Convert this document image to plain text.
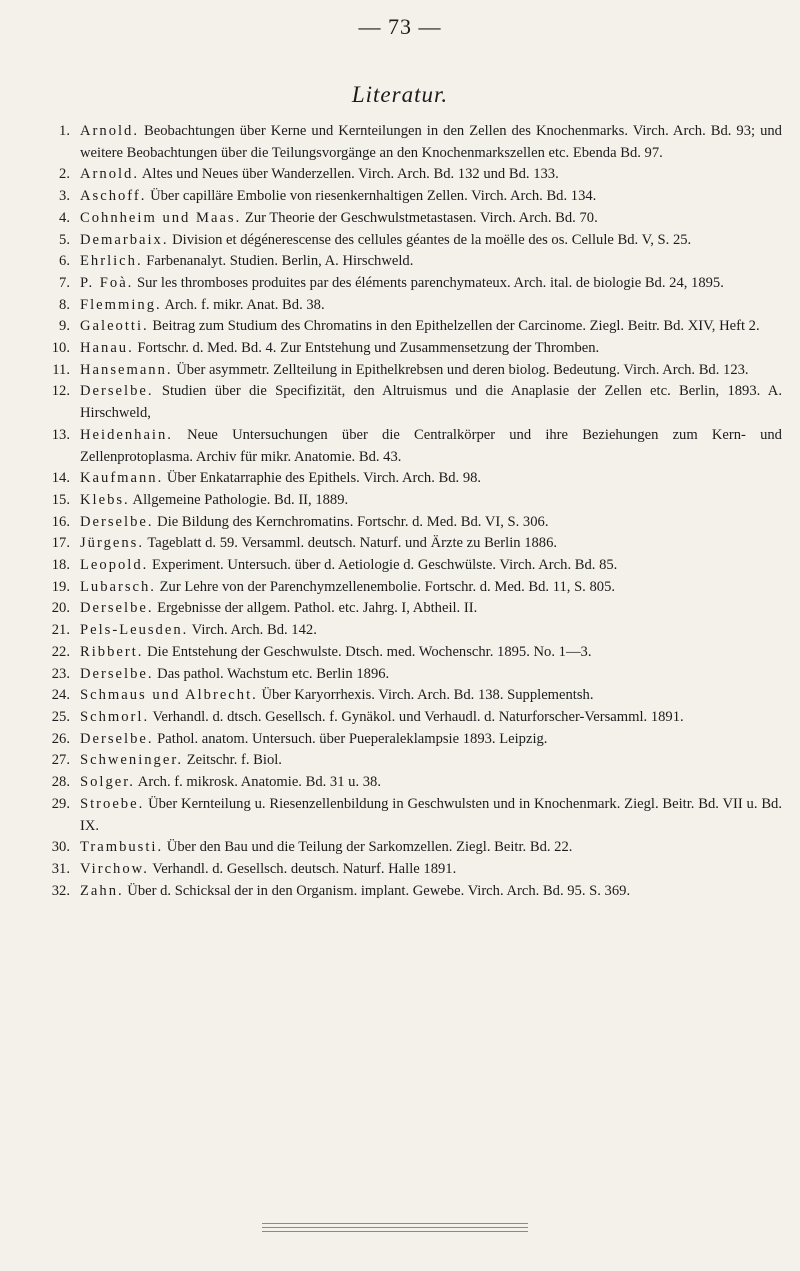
— 73 —
Literatur.
1. Arnold. Beobachtungen über Kerne und Kernteilungen in den Zellen des Knochenmarks. Virch. Arch. Bd. 93; und weitere Beobachtungen über die Teilungsvorgänge an den Knochenmarkszellen etc. Ebenda Bd. 97.
2. Arnold. Altes und Neues über Wanderzellen. Virch. Arch. Bd. 132 und Bd. 133.
3. Aschoff. Über capilläre Embolie von riesenkernhaltigen Zellen. Virch. Arch. Bd. 134.
4. Cohnheim und Maas. Zur Theorie der Geschwulstmetastasen. Virch. Arch. Bd. 70.
5. Demarbaix. Division et dégénerescense des cellules géantes de la moëlle des os. Cellule Bd. V, S. 25.
6. Ehrlich. Farbenanalyt. Studien. Berlin, A. Hirschweld.
7. P. Foà. Sur les thromboses produites par des éléments parenchymateux. Arch. ital. de biologie Bd. 24, 1895.
8. Flemming. Arch. f. mikr. Anat. Bd. 38.
9. Galeotti. Beitrag zum Studium des Chromatins in den Epithelzellen der Carcinome. Ziegl. Beitr. Bd. XIV, Heft 2.
10. Hanau. Fortschr. d. Med. Bd. 4. Zur Entstehung und Zusammensetzung der Thromben.
11. Hansemann. Über asymmetr. Zellteilung in Epithelkrebsen und deren biolog. Bedeutung. Virch. Arch. Bd. 123.
12. Derselbe. Studien über die Specifizität, den Altruismus und die Anaplasie der Zellen etc. Berlin, 1893. A. Hirschweld,
13. Heidenhain. Neue Untersuchungen über die Centralkörper und ihre Beziehungen zum Kern- und Zellenprotoplasma. Archiv für mikr. Anatomie. Bd. 43.
14. Kaufmann. Über Enkatarraphie des Epithels. Virch. Arch. Bd. 98.
15. Klebs. Allgemeine Pathologie. Bd. II, 1889.
16. Derselbe. Die Bildung des Kernchromatins. Fortschr. d. Med. Bd. VI, S. 306.
17. Jürgens. Tageblatt d. 59. Versamml. deutsch. Naturf. und Ärzte zu Berlin 1886.
18. Leopold. Experiment. Untersuch. über d. Aetiologie d. Geschwülste. Virch. Arch. Bd. 85.
19. Lubarsch. Zur Lehre von der Parenchymzellenembolie. Fortschr. d. Med. Bd. 11, S. 805.
20. Derselbe. Ergebnisse der allgem. Pathol. etc. Jahrg. I, Abtheil. II.
21. Pels-Leusden. Virch. Arch. Bd. 142.
22. Ribbert. Die Entstehung der Geschwulste. Dtsch. med. Wochenschr. 1895. No. 1—3.
23. Derselbe. Das pathol. Wachstum etc. Berlin 1896.
24. Schmaus und Albrecht. Über Karyorrhexis. Virch. Arch. Bd. 138. Supplementsh.
25. Schmorl. Verhandl. d. dtsch. Gesellsch. f. Gynäkol. und Verhaudl. d. Naturforscher-Versamml. 1891.
26. Derselbe. Pathol. anatom. Untersuch. über Pueperaleklampsie 1893. Leipzig.
27. Schweninger. Zeitschr. f. Biol.
28. Solger. Arch. f. mikrosk. Anatomie. Bd. 31 u. 38.
29. Stroebe. Über Kernteilung u. Riesenzellenbildung in Geschwulsten und in Knochenmark. Ziegl. Beitr. Bd. VII u. Bd. IX.
30. Trambusti. Über den Bau und die Teilung der Sarkomzellen. Ziegl. Beitr. Bd. 22.
31. Virchow. Verhandl. d. Gesellsch. deutsch. Naturf. Halle 1891.
32. Zahn. Über d. Schicksal der in den Organism. implant. Gewebe. Virch. Arch. Bd. 95. S. 369.
